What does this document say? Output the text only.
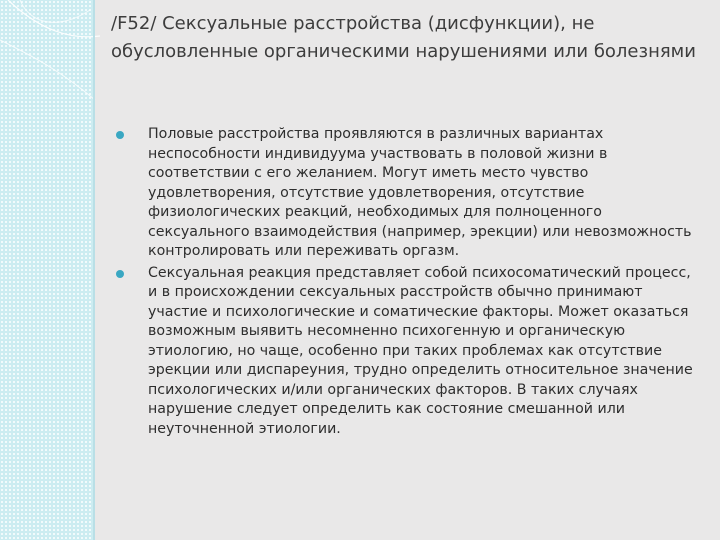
/F52/ Сексуальные расстройства (дисфункции), не обусловленные органическими нарушениями или болезнями
Половые расстройства проявляются в различных вариантах неспособности индивидуума участвовать в половой жизни в соответствии с его желанием. Могут иметь место чувство удовлетворения, отсутствие удовлетворения, отсутствие физиологических реакций, необходимых для полноценного сексуального взаимодействия (например, эрекции) или невозможность контролировать или переживать оргазм.
Сексуальная реакция представляет собой психосоматический процесс, и в происхождении сексуальных расстройств обычно принимают участие и психологические и соматические факторы. Может оказаться возможным выявить несомненно психогенную и органическую этиологию, но чаще, особенно при таких проблемах как отсутствие эрекции или диспареуния, трудно определить относительное значение психологических и/или органических факторов. В таких случаях нарушение следует определить как состояние смешанной или неуточненной этиологии.
